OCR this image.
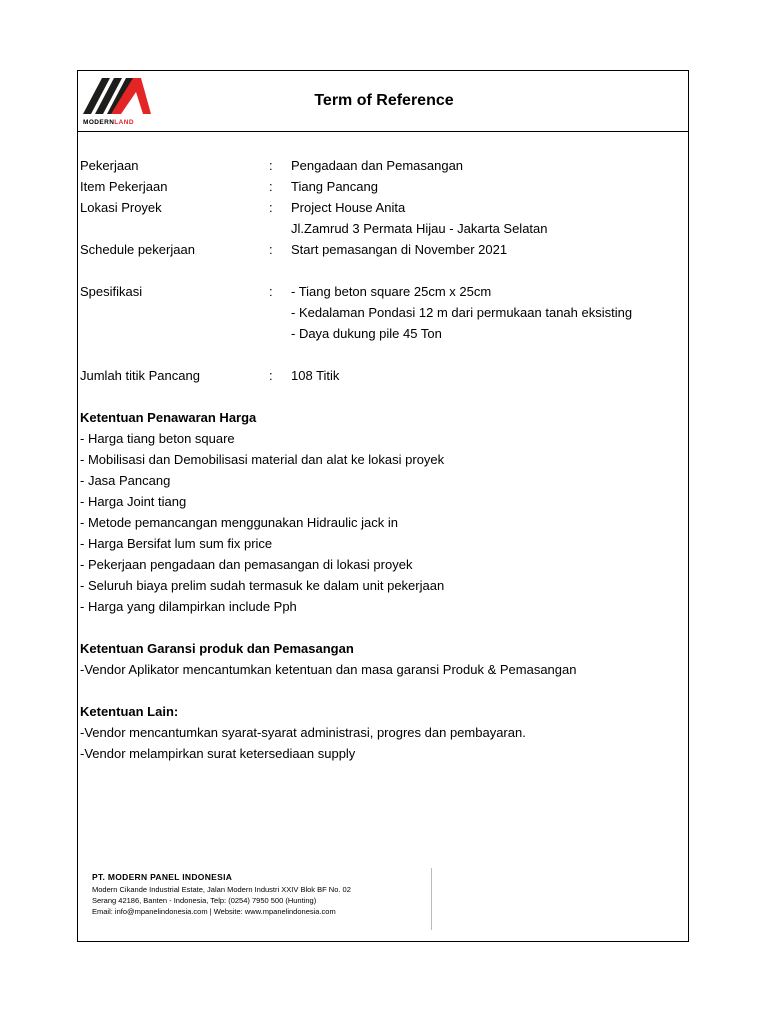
MODERNLAND
Term of Reference
Pekerjaan	: Pengadaan dan Pemasangan
Item Pekerjaan	: Tiang Pancang
Lokasi Proyek	: Project House Anita
Jl.Zamrud 3 Permata Hijau - Jakarta Selatan
Schedule pekerjaan	: Start pemasangan di November 2021
Spesifikasi	: - Tiang beton square 25cm x 25cm
- Kedalaman Pondasi 12 m dari permukaan tanah eksisting
- Daya dukung pile 45 Ton
Jumlah titik Pancang	: 108 Titik
Ketentuan Penawaran Harga
- Harga tiang beton square
- Mobilisasi dan Demobilisasi material dan alat ke lokasi proyek
- Jasa Pancang
- Harga Joint tiang
- Metode pemancangan menggunakan Hidraulic jack in
- Harga Bersifat lum sum fix price
- Pekerjaan pengadaan dan pemasangan di lokasi proyek
- Seluruh biaya prelim sudah termasuk ke dalam unit pekerjaan
- Harga yang dilampirkan include Pph
Ketentuan Garansi produk dan Pemasangan
-Vendor Aplikator mencantumkan ketentuan dan masa garansi Produk & Pemasangan
Ketentuan Lain:
-Vendor mencantumkan syarat-syarat administrasi, progres dan pembayaran.
-Vendor melampirkan surat ketersediaan supply
PT. MODERN PANEL INDONESIA
Modern Cikande Industrial Estate, Jalan Modern Industri XXIV Blok BF No. 02
Serang 42186, Banten - Indonesia, Telp: (0254) 7950 500 (Hunting)
Email: info@mpanelindonesia.com | Website: www.mpanelindonesia.com
